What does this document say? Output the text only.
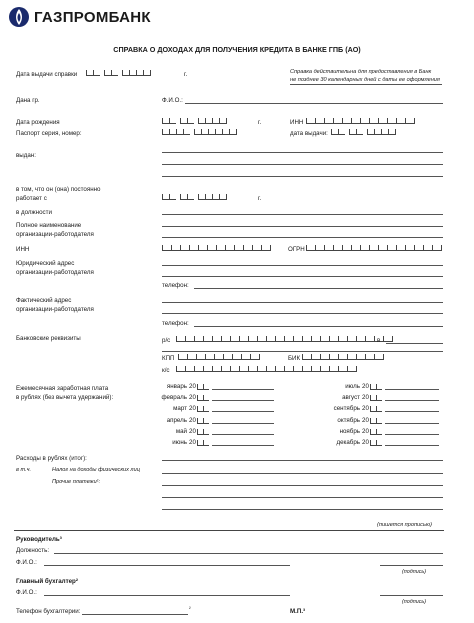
ГАЗПРОМБАНК
СПРАВКА О ДОХОДАХ ДЛЯ ПОЛУЧЕНИЯ КРЕДИТА В БАНКЕ ГПБ (АО)
Дата выдачи справки	г.	Справка действительна для предоставления в Банк
не позднее 30 календарных дней с даты ее оформления
Дана гр.	Ф.И.О.:
Дата рождения	г.	ИНН
Паспорт серия, номер:	дата выдачи:
выдан:
в том, что он (она) постоянно
работает с	г.
в должности
Полное наименование
организации-работодателя
ИНН	ОГРН
Юридический адрес
организации-работодателя
телефон:
Фактический адрес
организации-работодателя
телефон:
Банковские реквизиты	р/с	в
КПП	БИК
к/с
Ежемесячная заработная плата
в рублях (без вычета удержаний):
январь 20
февраль 20
март 20
апрель 20
май 20
июнь 20
июль 20
август 20
сентябрь 20
октябрь 20
ноябрь 20
декабрь 20
Расходы в рублях (итог):
в т.ч.	Налог на доходы физических лиц
Прочие платежи¹:
(пишется прописью)
Руководитель³
Должность:
Ф.И.О.:
(подпись)
Главный бухгалтер²
Ф.И.О.:
(подпись)
Телефон бухгалтерии:	²	М.П.³
